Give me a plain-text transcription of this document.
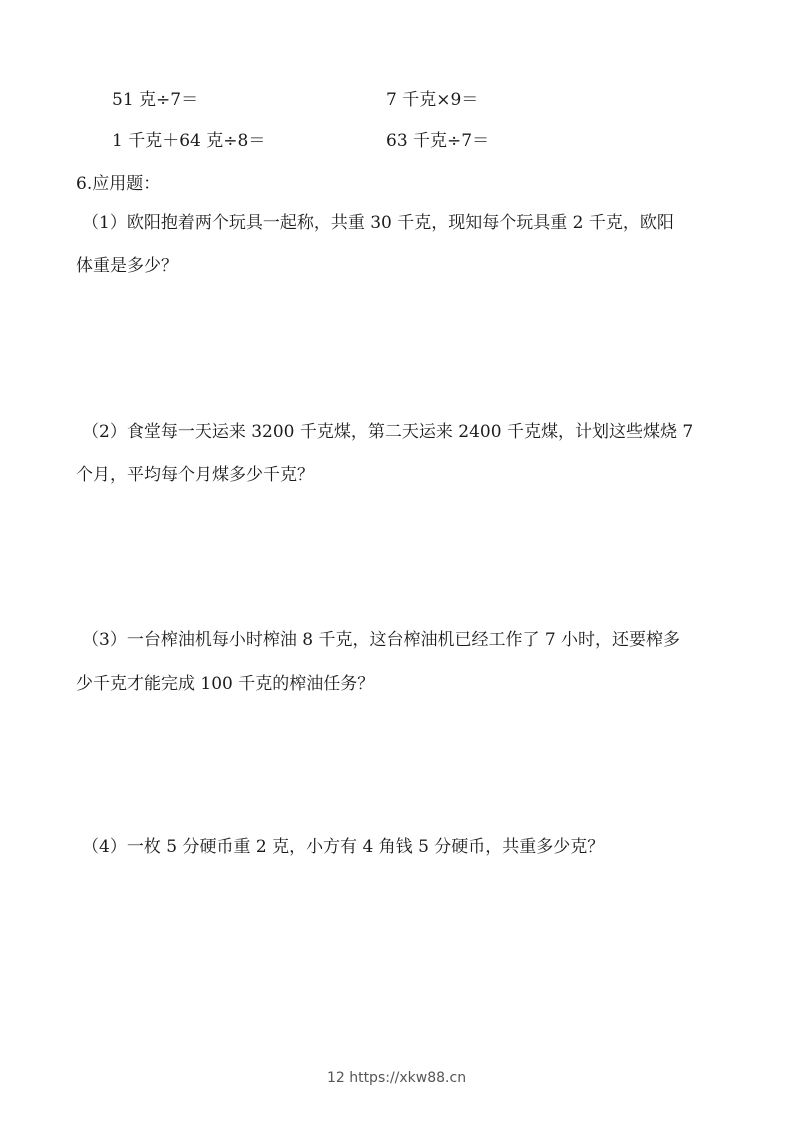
51 克÷7＝	7 千克×9＝
1 千克＋64 克÷8＝	63 千克÷7＝
6.应用题：
（1）欧阳抱着两个玩具一起称，共重 30 千克，现知每个玩具重 2 千克，欧阳
体重是多少？
（2）食堂每一天运来 3200 千克煤，第二天运来 2400 千克煤，计划这些煤烧 7
个月，平均每个月煤多少千克？
（3）一台榨油机每小时榨油 8 千克，这台榨油机已经工作了 7 小时，还要榨多
少千克才能完成 100 千克的榨油任务？
（4）一枚 5 分硬币重 2 克，小方有 4 角钱 5 分硬币，共重多少克？
12 https://xkw88.cn
